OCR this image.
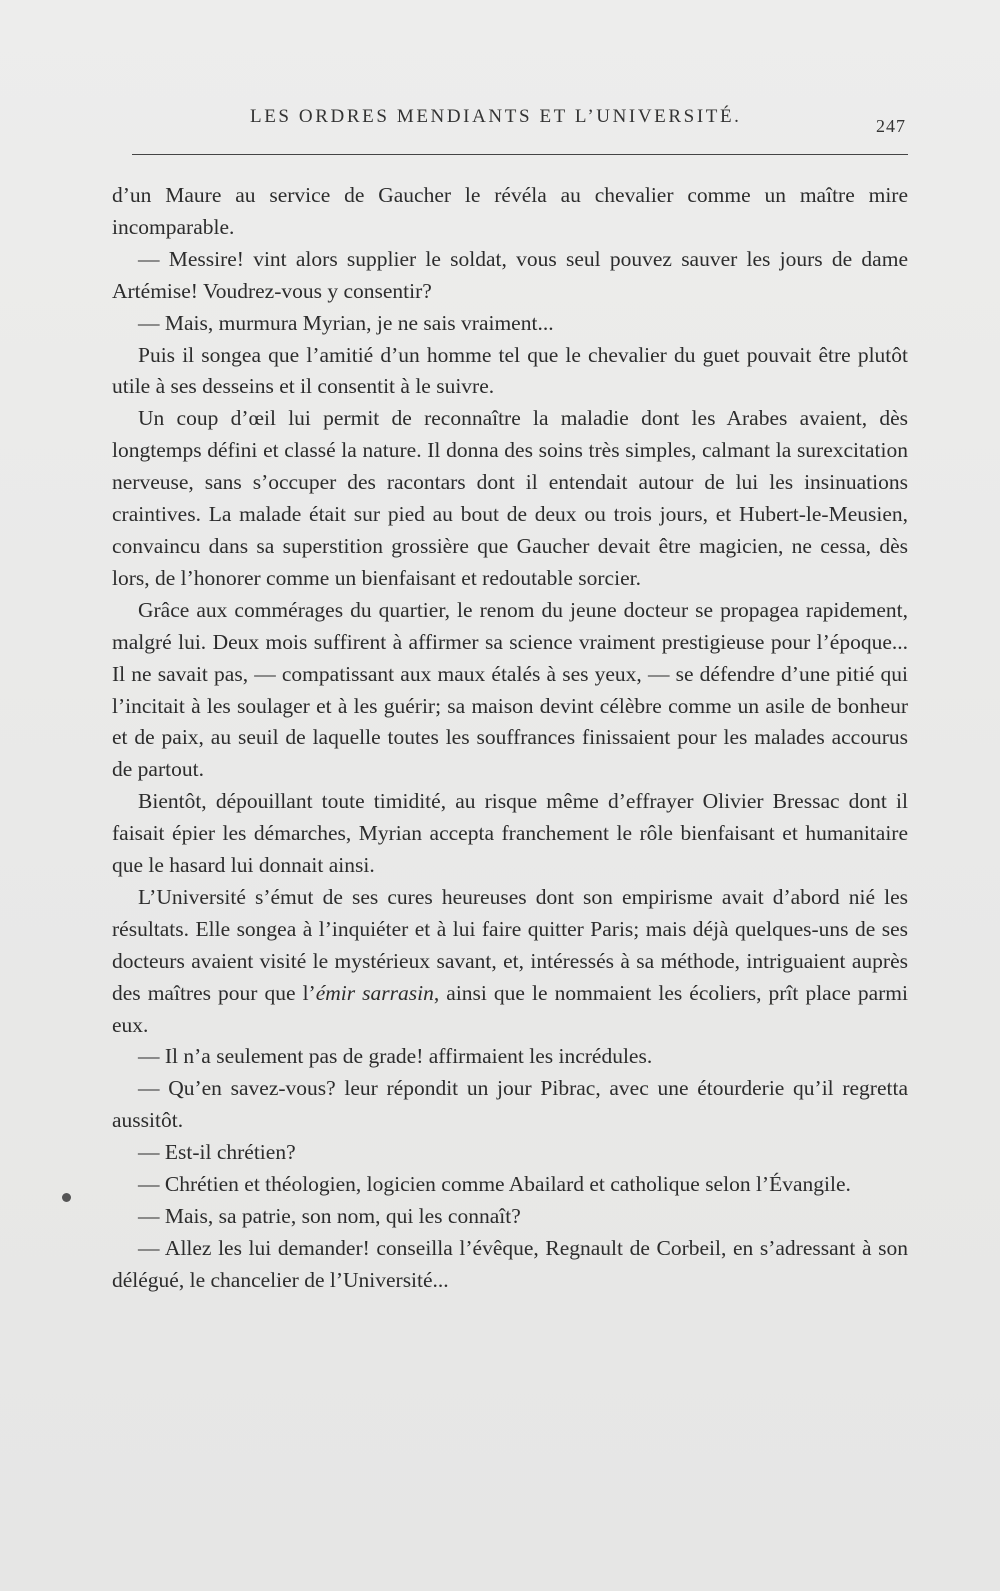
LES ORDRES MENDIANTS ET L’UNIVERSITÉ.	247

d’un Maure au service de Gaucher le révéla au chevalier comme un maître mire incomparable.

— Messire! vint alors supplier le soldat, vous seul pouvez sauver les jours de dame Artémise! Voudrez-vous y consentir?

— Mais, murmura Myrian, je ne sais vraiment...

Puis il songea que l’amitié d’un homme tel que le chevalier du guet pouvait être plutôt utile à ses desseins et il consentit à le suivre.

Un coup d’œil lui permit de reconnaître la maladie dont les Arabes avaient, dès longtemps défini et classé la nature. Il donna des soins très simples, calmant la surexcitation nerveuse, sans s’occuper des racontars dont il entendait autour de lui les insinuations craintives. La malade était sur pied au bout de deux ou trois jours, et Hubert-le-Meusien, convaincu dans sa superstition grossière que Gaucher devait être magicien, ne cessa, dès lors, de l’honorer comme un bienfaisant et redoutable sorcier.

Grâce aux commérages du quartier, le renom du jeune docteur se propagea rapidement, malgré lui. Deux mois suffirent à affirmer sa science vraiment prestigieuse pour l’époque... Il ne savait pas, — compatissant aux maux étalés à ses yeux, — se défendre d’une pitié qui l’incitait à les soulager et à les guérir; sa maison devint célèbre comme un asile de bonheur et de paix, au seuil de laquelle toutes les souffrances finissaient pour les malades accourus de partout.

Bientôt, dépouillant toute timidité, au risque même d’effrayer Olivier Bressac dont il faisait épier les démarches, Myrian accepta franchement le rôle bienfaisant et humanitaire que le hasard lui donnait ainsi.

L’Université s’émut de ses cures heureuses dont son empirisme avait d’abord nié les résultats. Elle songea à l’inquiéter et à lui faire quitter Paris; mais déjà quelques-uns de ses docteurs avaient visité le mystérieux savant, et, intéressés à sa méthode, intriguaient auprès des maîtres pour que l’émir sarrasin, ainsi que le nommaient les écoliers, prît place parmi eux.

— Il n’a seulement pas de grade! affirmaient les incrédules.

— Qu’en savez-vous? leur répondit un jour Pibrac, avec une étourderie qu’il regretta aussitôt.

— Est-il chrétien?

— Chrétien et théologien, logicien comme Abailard et catholique selon l’Évangile.

— Mais, sa patrie, son nom, qui les connaît?

— Allez les lui demander! conseilla l’évêque, Regnault de Corbeil, en s’adressant à son délégué, le chancelier de l’Université...
